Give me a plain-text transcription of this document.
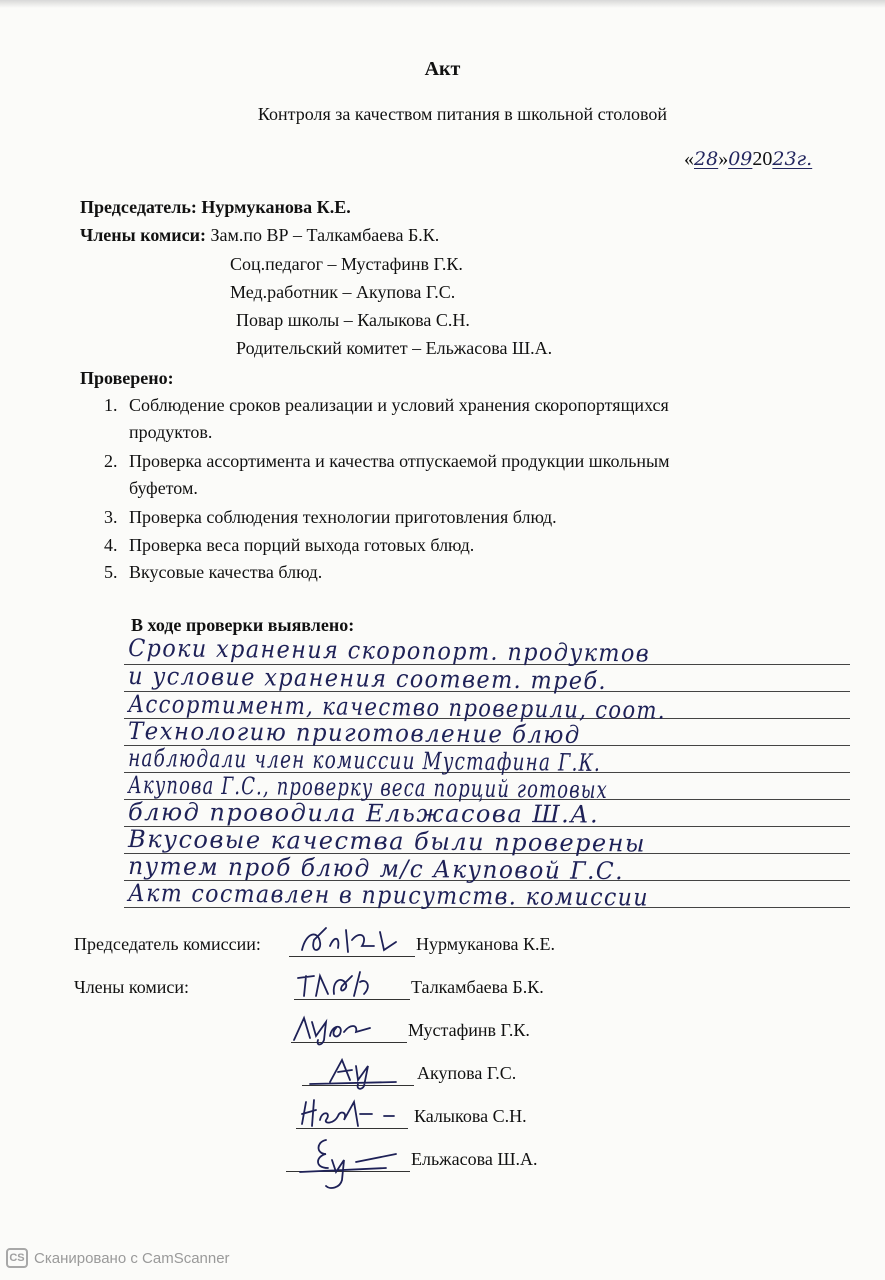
Акт
Контроля за качеством питания в школьной столовой
«28»092023г.
Председатель: Нурмуканова К.Е.
Члены комиси: Зам.по ВР – Талкамбаева Б.К.
Соц.педагог – Мустафинв Г.К.
Мед.работник – Акупова Г.С.
Повар школы – Калыкова С.Н.
Родительский комитет – Ельжасова Ш.А.
Проверено:
1. Соблюдение сроков реализации и условий хранения скоропортящихся
продуктов.
2. Проверка ассортимента и качества отпускаемой продукции школьным
буфетом.
3. Проверка соблюдения технологии приготовления блюд.
4. Проверка веса порций выхода готовых блюд.
5. Вкусовые качества блюд.
В ходе проверки выявлено:
Сроки хранения скоропорт. продуктов
и условие хранения соответ. треб.
Ассортимент, качество проверили, соот.
Технологию приготовление блюд
наблюдали член комиссии Мустафина Г.К.
Акупова Г.С., проверку веса порций готовых
блюд проводила Ельжасова Ш.А.
Вкусовые качества были проверены
путем проб блюд м/с Акуповой Г.С.
Акт составлен в присутств. комиссии
Председатель комиссии:	Нурмуканова К.Е.
Члены комиси:	Талкамбаева Б.К.
Мустафинв Г.К.
Акупова Г.С.
Калыкова С.Н.
Ельжасова Ш.А.
CS Сканировано с CamScanner
